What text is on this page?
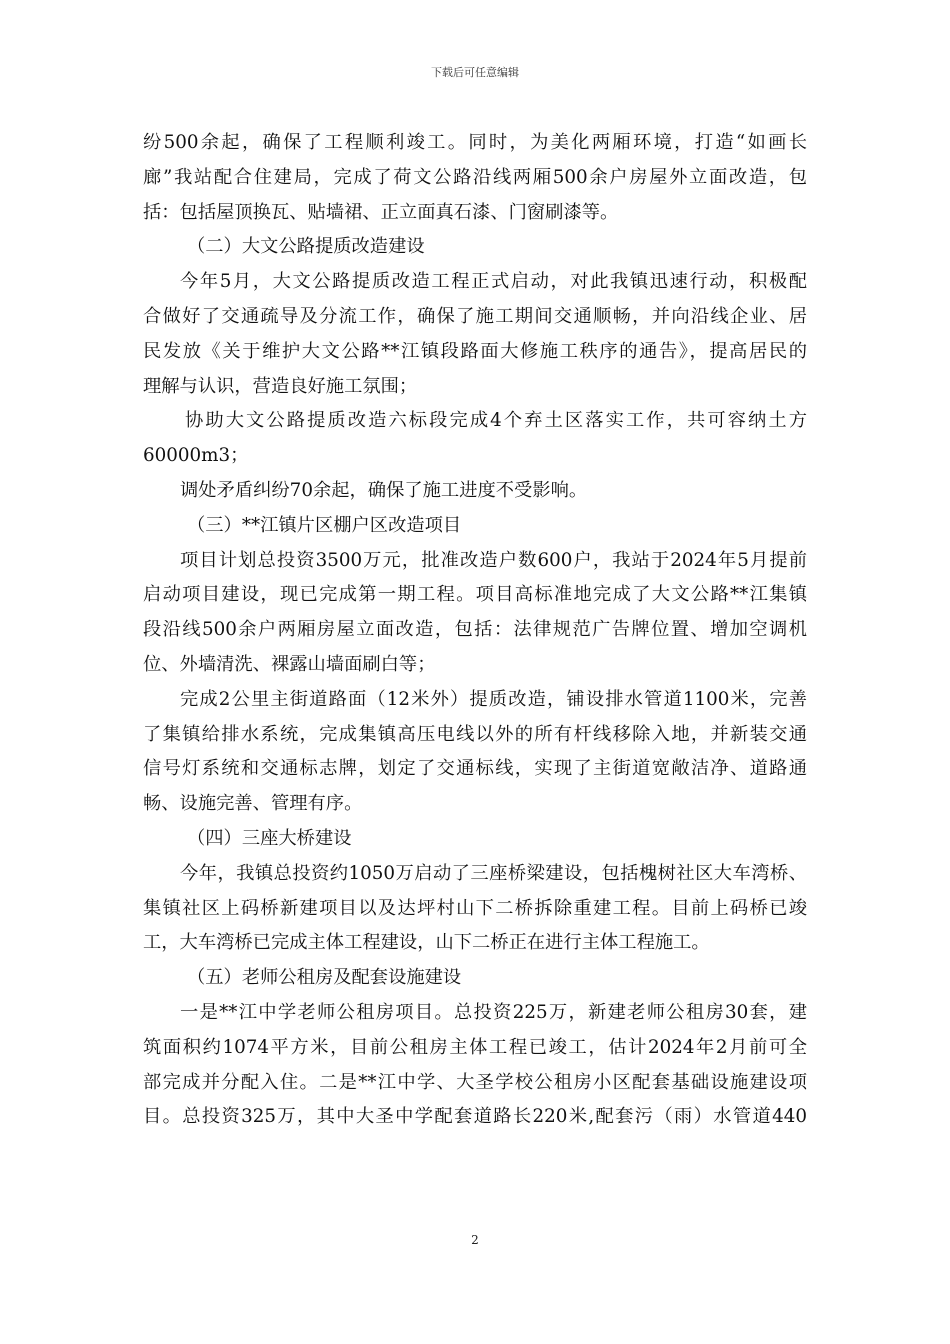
下载后可任意编辑
纷500余起，确保了工程顺利竣工。同时，为美化两厢环境，打造“如画长
廊”我站配合住建局，完成了荷文公路沿线两厢500余户房屋外立面改造，包
括：包括屋顶换瓦、贴墙裙、正立面真石漆、门窗刷漆等。
（二）大文公路提质改造建设
今年5月，大文公路提质改造工程正式启动，对此我镇迅速行动，积极配
合做好了交通疏导及分流工作，确保了施工期间交通顺畅，并向沿线企业、居
民发放《关于维护大文公路**江镇段路面大修施工秩序的通告》，提高居民的
理解与认识，营造良好施工氛围；
协助大文公路提质改造六标段完成4个弃土区落实工作，共可容纳土方
60000m3；
调处矛盾纠纷70余起，确保了施工进度不受影响。
（三）**江镇片区棚户区改造项目
项目计划总投资3500万元，批准改造户数600户，我站于2024年5月提前
启动项目建设，现已完成第一期工程。项目高标准地完成了大文公路**江集镇
段沿线500余户两厢房屋立面改造，包括：法律规范广告牌位置、增加空调机
位、外墙清洗、裸露山墙面刷白等；
完成2公里主街道路面（12米外）提质改造，铺设排水管道1100米，完善
了集镇给排水系统，完成集镇高压电线以外的所有杆线移除入地，并新装交通
信号灯系统和交通标志牌，划定了交通标线，实现了主街道宽敞洁净、道路通
畅、设施完善、管理有序。
（四）三座大桥建设
今年，我镇总投资约1050万启动了三座桥梁建设，包括槐树社区大车湾桥、
集镇社区上码桥新建项目以及达坪村山下二桥拆除重建工程。目前上码桥已竣
工，大车湾桥已完成主体工程建设，山下二桥正在进行主体工程施工。
（五）老师公租房及配套设施建设
一是**江中学老师公租房项目。总投资225万，新建老师公租房30套，建
筑面积约1074平方米，目前公租房主体工程已竣工，估计2024年2月前可全
部完成并分配入住。二是**江中学、大圣学校公租房小区配套基础设施建设项
目。总投资325万，其中大圣中学配套道路长220米,配套污（雨）水管道440
2
